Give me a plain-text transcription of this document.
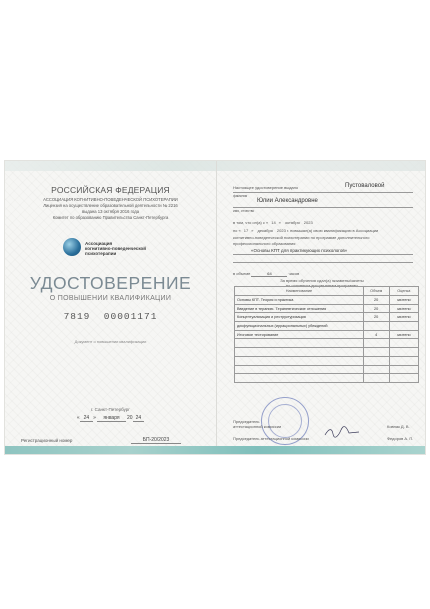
РОССИЙСКАЯ ФЕДЕРАЦИЯ
АССОЦИАЦИЯ КОГНИТИВНО-ПОВЕДЕНЧЕСКОЙ ПСИХОТЕРАПИИ
Лицензия на осуществление образовательной деятельности № 2216
выдана 13 октября 2016 года
Комитет по образованию Правительства Санкт-Петербурга
Ассоциация
когнитивно-поведенческой
психотерапии
УДОСТОВЕРЕНИЕ
О ПОВЫШЕНИИ КВАЛИФИКАЦИИ
7819 00001171
Документ о повышении квалификации
г. Санкт-Петербург
« 24 » января 20 24
Регистрационный номер	БП-20/2023
Настоящее удостоверение выдано	Пустоваловой
фамилия
Юлии Александровне
имя, отчество
в том, что он(а) с « 14 » октября 2023
по « 17 » декабря 2023 г. повышал(а) свою квалификацию в Ассоциации
когнитивно-поведенческой психотерапии по программе дополнительного
профессионального образования
«Основы КПТ для практикующих психологов»
в объеме	64	часов
За время обучения сдал(а) экзамены/зачеты
по основным дисциплинам программы
Наименование	Объем	Оценка
Основы КПТ. Теория и практика	20	зачтено
Введение в терапию. Терапевтические отношения	20	зачтено
Концептуализация и реструктуризация	20	зачтено
дисфункциональных (иррациональных) убеждений		
Итоговое тестирование	4	зачтено

Председатель
аттестационной комиссии	Ковпак Д. В.
Председатель аттестационной комиссии	Федоров А. П.
